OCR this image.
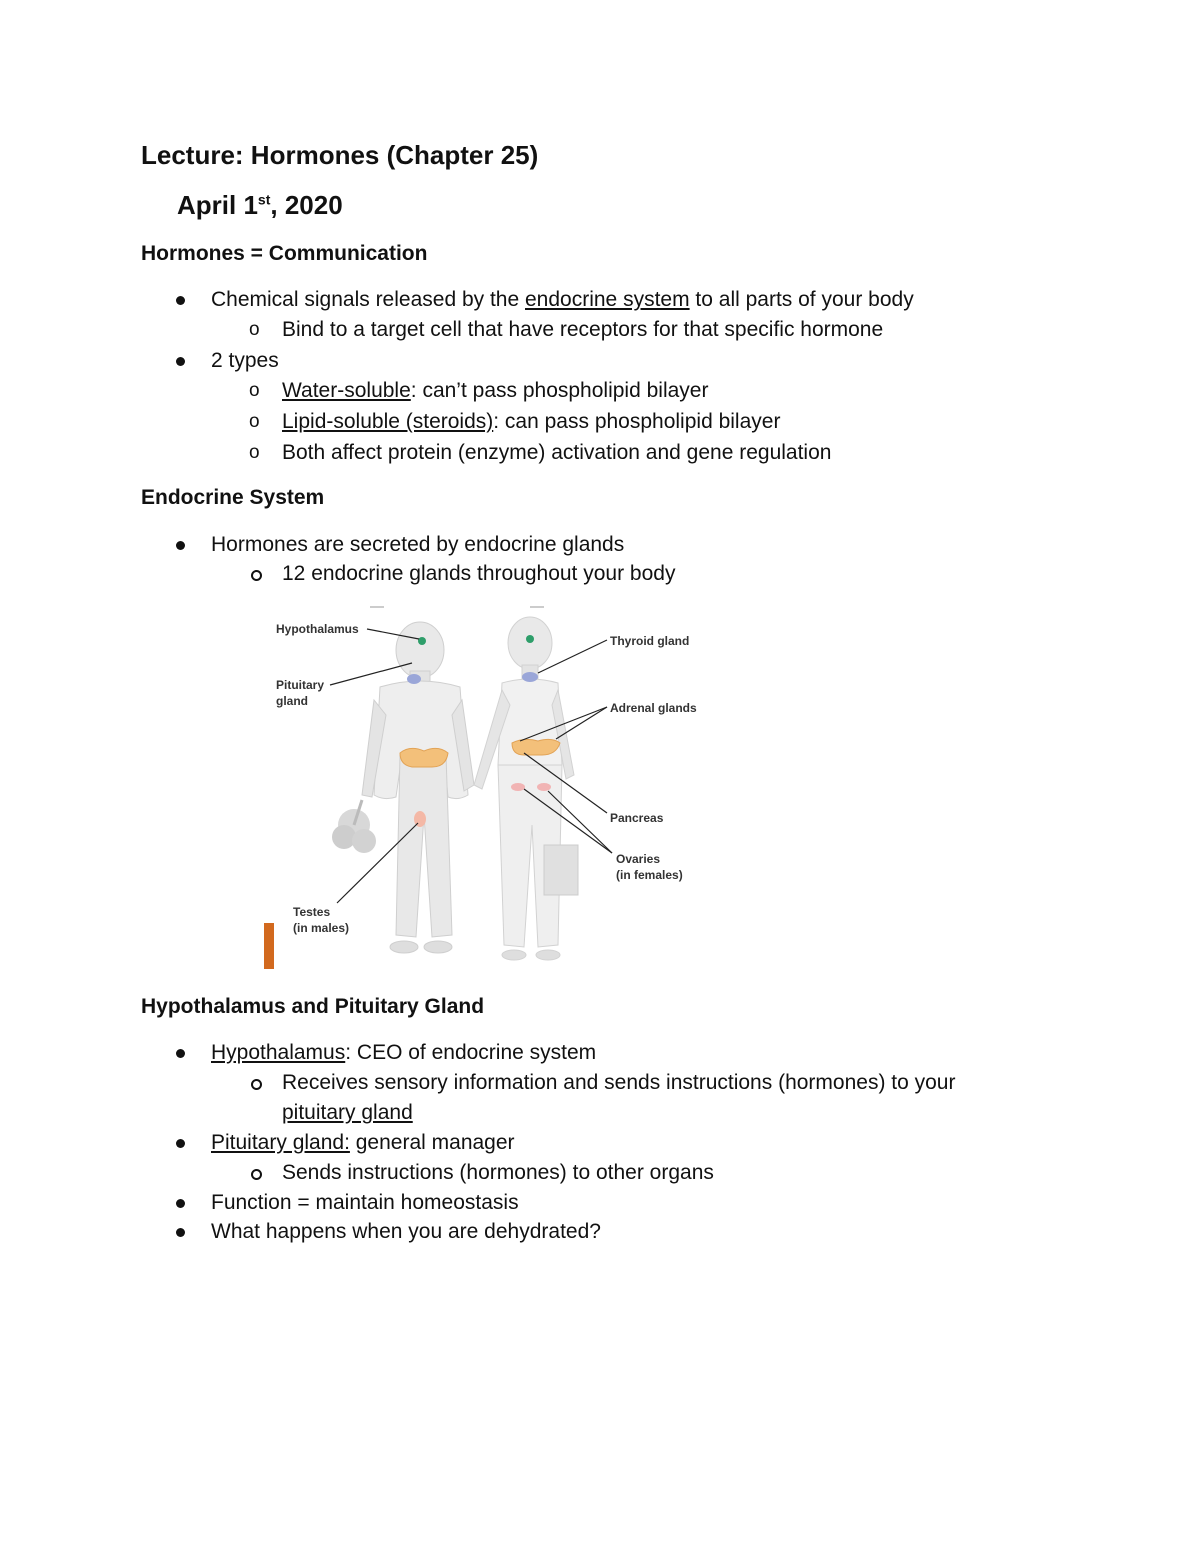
Lecture: Hormones (Chapter 25)
April 1st, 2020
Hormones = Communication
Chemical signals released by the endocrine system to all parts of your body
o Bind to a target cell that have receptors for that specific hormone
2 types
o Water-soluble: can’t pass phospholipid bilayer
o Lipid-soluble (steroids): can pass phospholipid bilayer
o Both affect protein (enzyme) activation and gene regulation
Endocrine System
Hormones are secreted by endocrine glands
12 endocrine glands throughout your body
Hypothalamus
Pituitary
gland
Thyroid gland
Adrenal glands
Pancreas
Ovaries
(in females)
Testes
(in males)
Hypothalamus and Pituitary Gland
Hypothalamus: CEO of endocrine system
Receives sensory information and sends instructions (hormones) to your
pituitary gland
Pituitary gland: general manager
Sends instructions (hormones) to other organs
Function = maintain homeostasis
What happens when you are dehydrated?
